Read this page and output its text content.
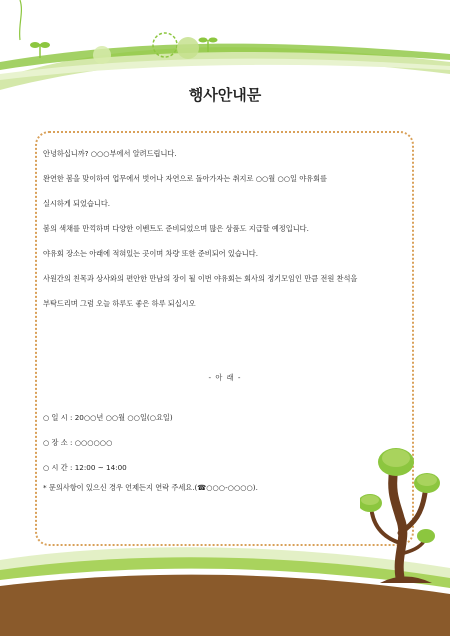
행사안내문

안녕하십니까? ○○○부에서 알려드립니다.

완연한 봄을 맞이하여 업무에서 벗어나 자연으로 돌아가자는 취지로 ○○월 ○○일 야유회를

실시하게 되었습니다.

봄의 색채를 만끽하며 다양한 이벤트도 준비되었으며 많은 상품도 지급할 예정입니다.

야유회 장소는 아래에 적혀있는 곳이며 차량 또한 준비되어 있습니다.

사원간의 친목과 상사와의 편안한 만남의 장이 될 이번 야유회는 회사의 정기모임인 만큼 전원 찬석을

부탁드리며 그럼 오늘 하루도 좋은 하루 되십시오

- 아 래 -

○ 일 시 : 20○○년 ○○월 ○○일(○요일)

○ 장 소 : ○○○○○○

○ 시 간 : 12:00 ~ 14:00

* 문의사항이 있으신 경우 언제든지 연락 주세요.(☎○○○-○○○○).
